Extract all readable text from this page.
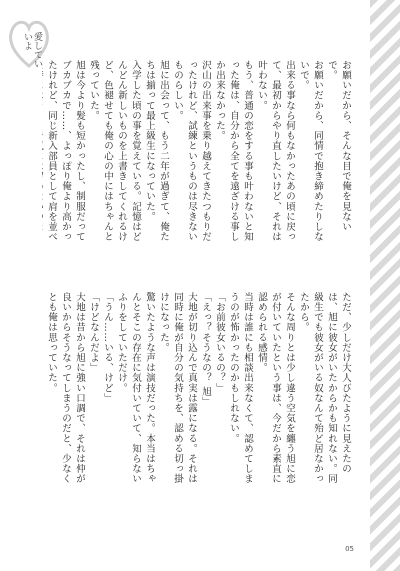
愛していいよ

お願いだから、そんな目で俺を見ないで。

お願いだから、同情で抱き締めたりしないで。

出来る事なら何もなかったあの頃に戻って、最初からやり直したいけど、それは叶わない。

もう、普通の恋をする事も叶わないと知った俺は、自分から全てを遠ざける事しか出来なかった。

沢山の出来事を乗り越えてきたつもりだったけれど、試練というものは尽きないものらしい。

旭に出会って、もう二年が過ぎて、俺たちは揃って最上級生になっていた。

入学した頃の事を覚えている。記憶はどんどん新しいものを上書きしてくれるけど、色褪せても俺の心の中にはちゃんと残っていた。

旭は今より髪も短かったし、制服だってブカブカで……、よっぽり俺より高かったけれど、同じ新入部員として肩を並べ

ただ、少しだけ大人びたように見えたのは、旭に彼女がいたからかも知れない。同級生でも彼女がいる奴なんて殆ど居なかったから。

そんな周りとは少し違う空気を纏う旭に恋が付いていたという事は、今だから素直に認められる感情。

当時は誰にも相談出来なくて、認めてしまうのが怖かったのかもしれない。

「お前彼女いるの？」

「えっ？そうなの？ 旭」

大地が切り込んで真実は露になる。それは同時に俺が自分の気持ちを、認める切っ掛けになった。

驚いたような声は演技だった。本当はちゃんとそこの存在に気付いていて、知らないふりをしていただけ。

「うん……いる、けど」

「けどなんだよ」

大地は昔から旭に強い口調で、それは仲が良いからそうなってしまうのだと、少なくとも俺は思っていた。

05
